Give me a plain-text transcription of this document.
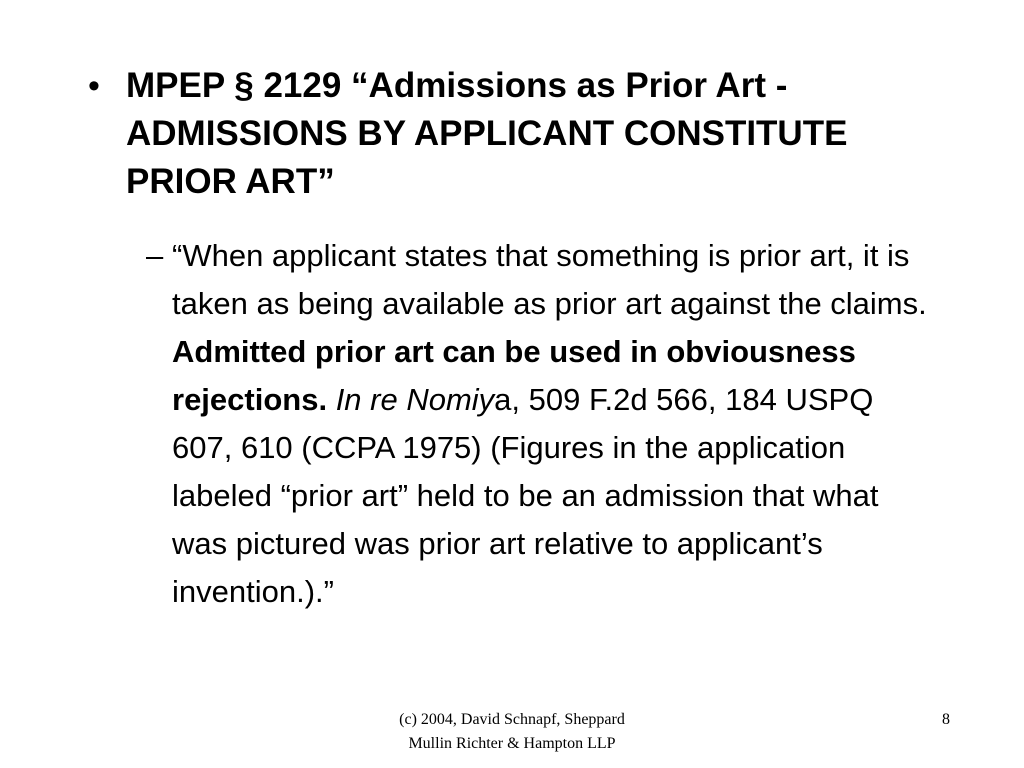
• MPEP § 2129 “Admissions as Prior Art - ADMISSIONS BY APPLICANT CONSTITUTE PRIOR ART”
– “When applicant states that something is prior art, it is taken as being available as prior art against the claims. Admitted prior art can be used in obviousness rejections. In re Nomiya, 509 F.2d 566, 184 USPQ 607, 610 (CCPA 1975) (Figures in the application labeled “prior art” held to be an admission that what was pictured was prior art relative to applicant’s invention.).”
(c) 2004, David Schnapf, Sheppard
Mullin Richter & Hampton LLP
8
